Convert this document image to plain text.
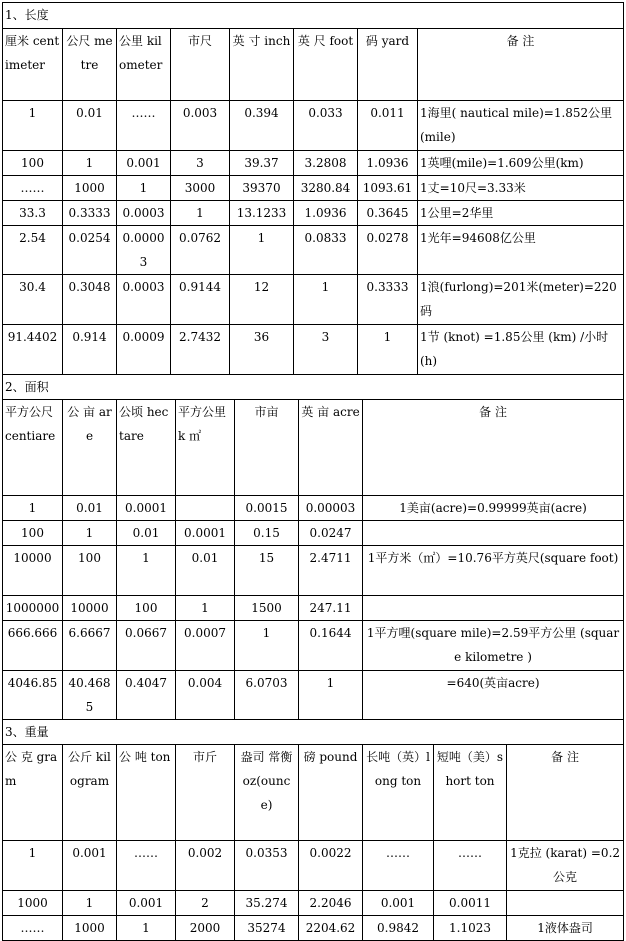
1、长度							
厘米 centimeter	公尺 metre	公里 kilometer	市尺	英 寸 inch	英 尺 foot	码 yard	备 注
1	0.01	……	0.003	0.394	0.033	0.011	1海里( nautical mile)=1.852公里(mile)
100	1	0.001	3	39.37	3.2808	1.0936	1英哩(mile)=1.609公里(km)
……	1000	1	3000	39370	3280.84	1093.61	1丈=10尺=3.33米
33.3	0.3333	0.0003	1	13.1233	1.0936	0.3645	1公里=2华里
2.54	0.0254	0.00003	0.0762	1	0.0833	0.0278	1光年=94608亿公里
30.4	0.3048	0.0003	0.9144	12	1	0.3333	1浪(furlong)=201米(meter)=220码
91.4402	0.914	0.0009	2.7432	36	3	1	1节 (knot) =1.85公里 (km) /小时(h)
2、面积						
平方公尺 centiare	公 亩 are	公顷 hectare	平方公里 k ㎡	市亩	英 亩 acre	备 注
1	0.01	0.0001		0.0015	0.00003	1美亩(acre)=0.99999英亩(acre)
100	1	0.01	0.0001	0.15	0.0247	
10000	100	1	0.01	15	2.4711	1平方米（㎡）=10.76平方英尺(square foot)
1000000	10000	100	1	1500	247.11	
666.666	6.6667	0.0667	0.0007	1	0.1644	1平方哩(square mile)=2.59平方公里 (square kilometre )
4046.85	40.4685	0.4047	0.004	6.0703	1	=640(英亩acre)
3、重量								
公 克 gram	公斤 kilogram	公 吨 ton	市斤	盎司 常衡 oz(ounce)	磅 pound	长吨（英）long ton	短吨（美）short ton	备 注
1	0.001	……	0.002	0.0353	0.0022	……	……	1克拉 (karat) =0.2公克
1000	1	0.001	2	35.274	2.2046	0.001	0.0011	
……	1000	1	2000	35274	2204.62	0.9842	1.1023	1液体盎司
